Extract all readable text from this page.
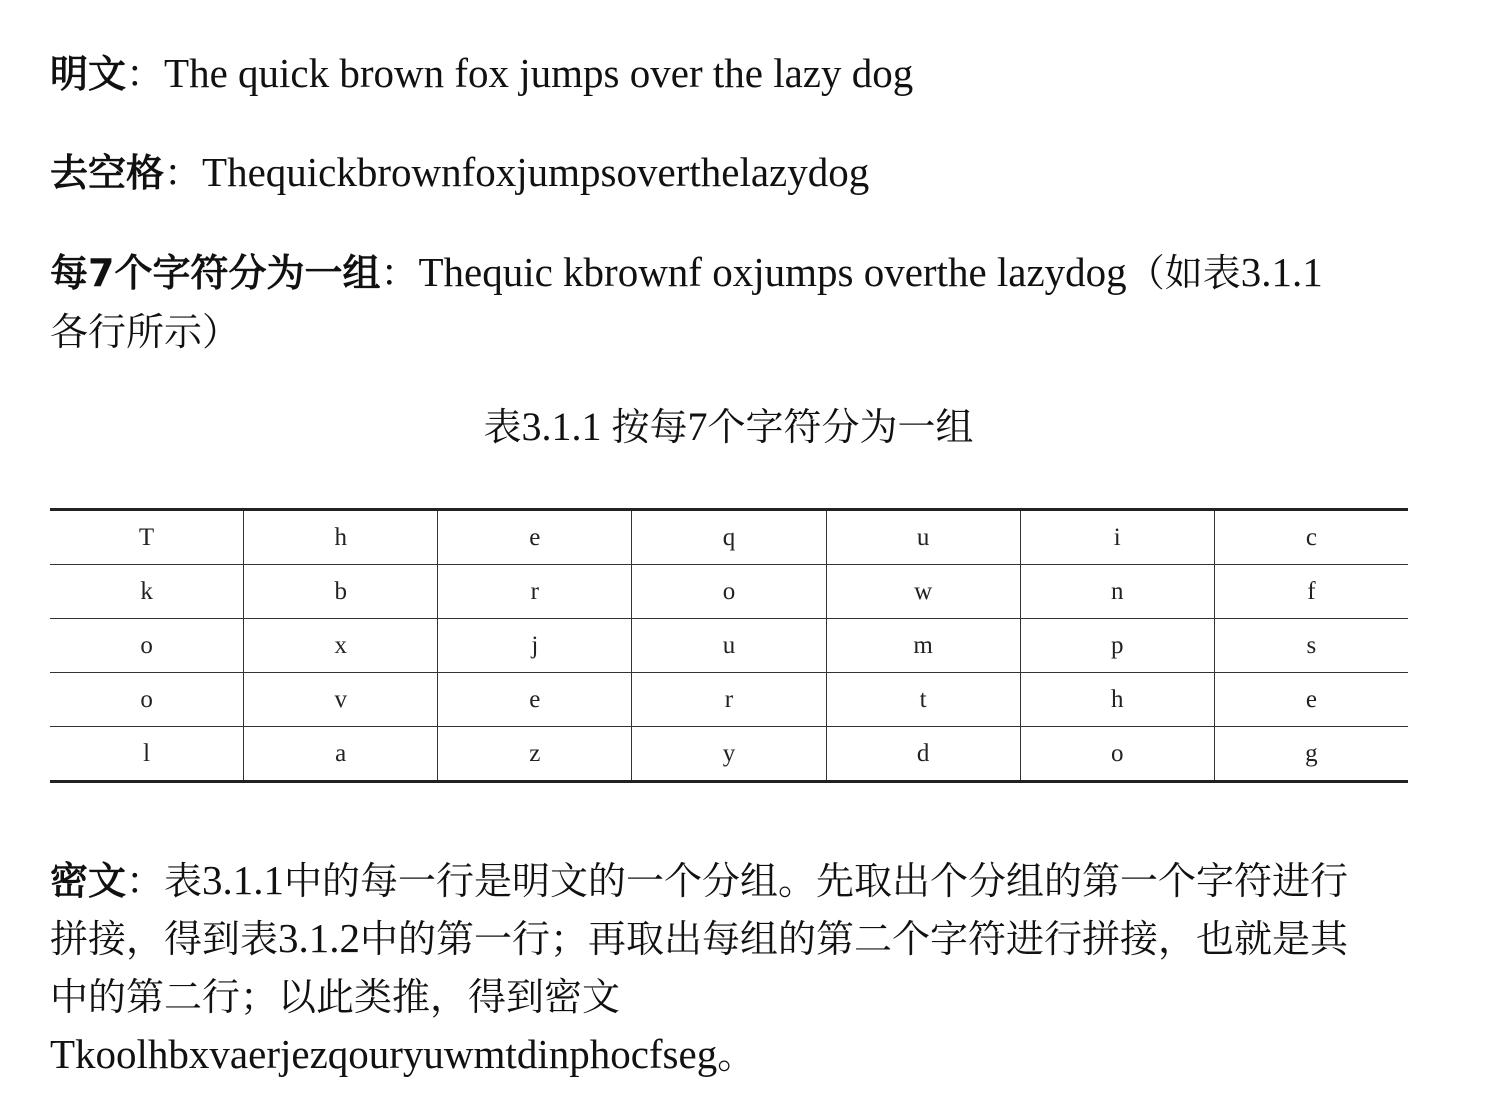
明文：The quick brown fox jumps over the lazy dog
去空格：Thequickbrownfoxjumpsoverthelazydog
每7个字符分为一组：Thequic kbrownf oxjumps overthe lazydog（如表3.1.1各行所示）
表3.1.1 按每7个字符分为一组
T	h	e	q	u	i	c
k	b	r	o	w	n	f
o	x	j	u	m	p	s
o	v	e	r	t	h	e
l	a	z	y	d	o	g
密文：表3.1.1中的每一行是明文的一个分组。先取出个分组的第一个字符进行拼接，得到表3.1.2中的第一行；再取出每组的第二个字符进行拼接，也就是其中的第二行；以此类推，得到密文
Tkoolhbxvaerjezqouryuwmtdinphocfseg。
